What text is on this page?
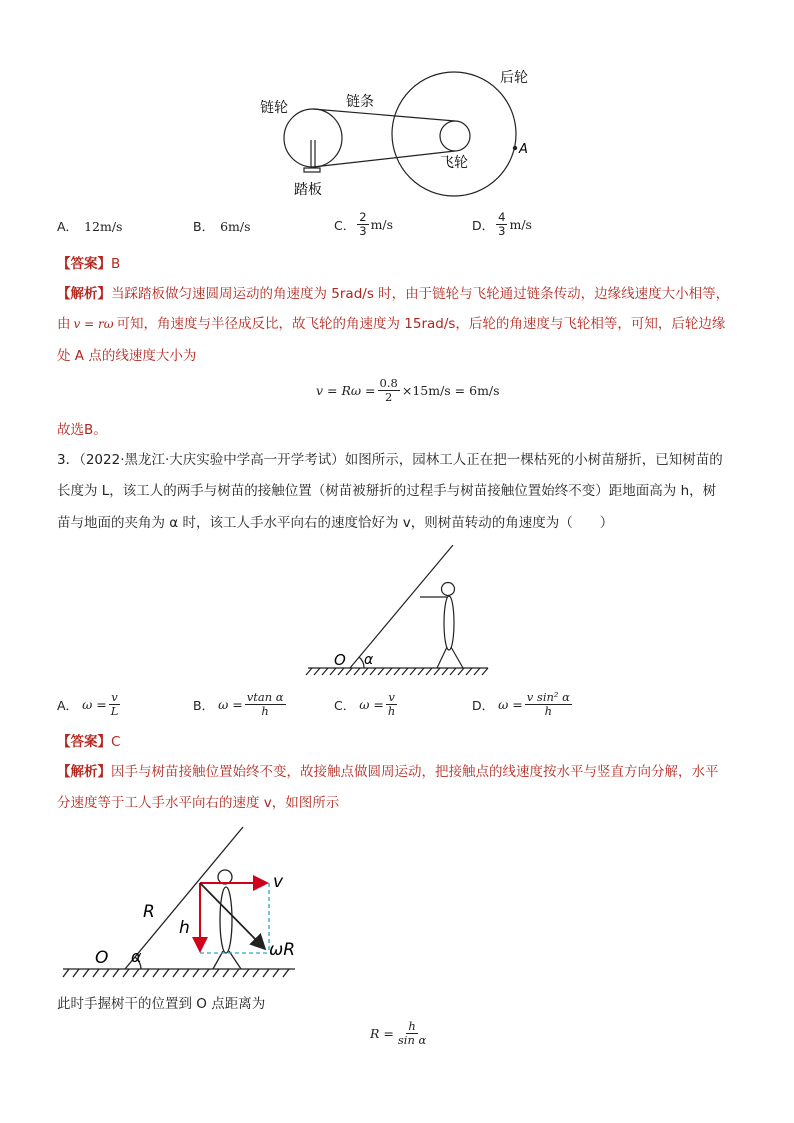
链轮	链条
后轮
飞轮
踏板
A
A． 12m/s	B． 6m/s	C． $\frac{2}{3} m/s$	D． $\frac{4}{3} m/s$
【答案】B
【解析】当踩踏板做匀速圆周运动的角速度为 5rad/s 时，由于链轮与飞轮通过链条传动，边缘线速度大小相等，
由 v = rω 可知，角速度与半径成反比，故飞轮的角速度为 15rad/s，后轮的角速度与飞轮相等，可知，后轮边缘
处 A 点的线速度大小为
$v = R\omega = \frac{0.8}{2} \times 15m/s = 6m/s$
故选B。
3．（2022·黑龙江·大庆实验中学高一开学考试）如图所示，园林工人正在把一棵枯死的小树苗掰折，已知树苗的
长度为 L，该工人的两手与树苗的接触位置（树苗被掰折的过程手与树苗接触位置始终不变）距地面高为 h，树
苗与地面的夹角为 α 时，该工人手水平向右的速度恰好为 v，则树苗转动的角速度为（　　）
O α
A． $\omega = \frac{v}{L}$	B． $\omega = \frac{\text{vtan α}}{h}$	C． $\omega = \frac{v}{h}$	D． $\omega = \frac{\text{v sin² α}}{h}$
【答案】C
【解析】因手与树苗接触位置始终不变，故接触点做圆周运动，把接触点的线速度按水平与竖直方向分解，水平
分速度等于工人手水平向右的速度 v，如图所示
v
R
h
ωR
O α
此时手握树干的位置到 O 点距离为
$R = \frac{h}{\text{sin α}}$
